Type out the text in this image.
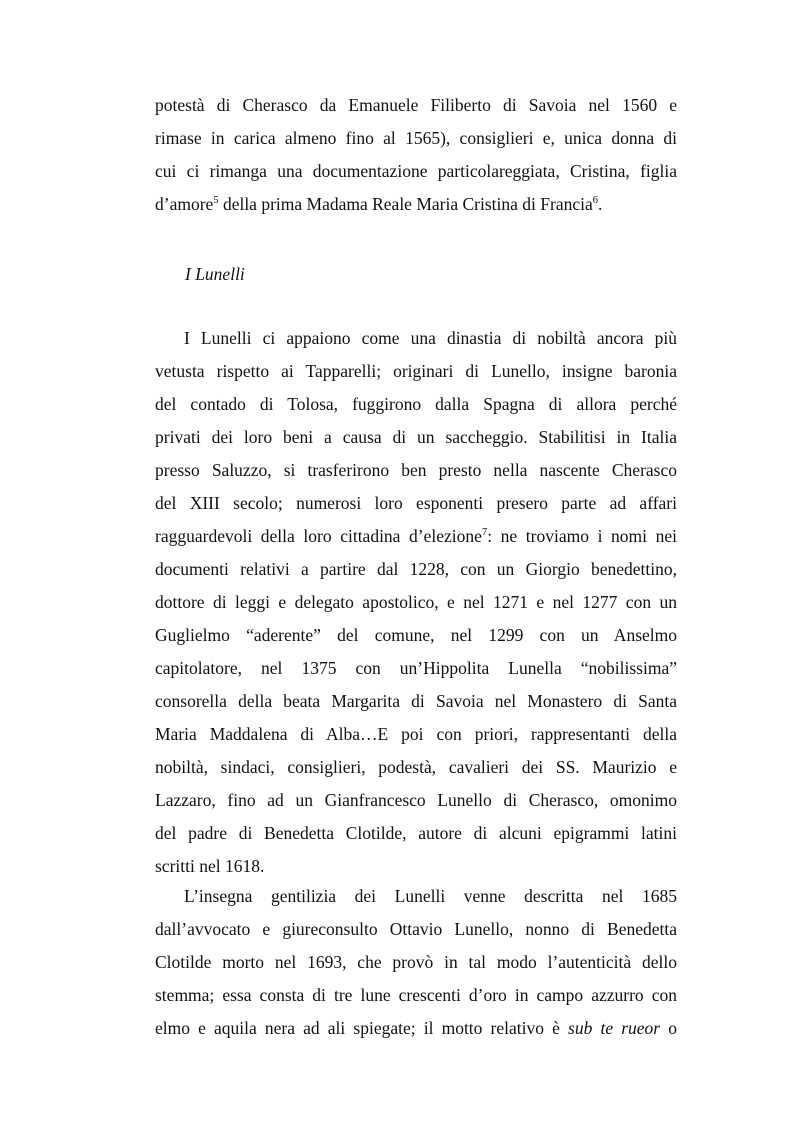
potestà di Cherasco da Emanuele Filiberto di Savoia nel 1560 e
rimase in carica almeno fino al 1565), consiglieri e, unica donna di
cui ci rimanga una documentazione particolareggiata, Cristina, figlia
d’amore$^5$ della prima Madama Reale Maria Cristina di Francia$^6$.
I Lunelli
I Lunelli ci appaiono come una dinastia di nobiltà ancora più
vetusta rispetto ai Tapparelli; originari di Lunello, insigne baronia
del contado di Tolosa, fuggirono dalla Spagna di allora perché
privati dei loro beni a causa di un saccheggio. Stabilitisi in Italia
presso Saluzzo, si trasferirono ben presto nella nascente Cherasco
del XIII secolo; numerosi loro esponenti presero parte ad affari
ragguardevoli della loro cittadina d’elezione$^7$: ne troviamo i nomi nei
documenti relativi a partire dal 1228, con un Giorgio benedettino,
dottore di leggi e delegato apostolico, e nel 1271 e nel 1277 con un
Guglielmo “aderente” del comune, nel 1299 con un Anselmo
capitolatore, nel 1375 con un’Hippolita Lunella “nobilissima”
consorella della beata Margarita di Savoia nel Monastero di Santa
Maria Maddalena di Alba…E poi con priori, rappresentanti della
nobiltà, sindaci, consiglieri, podestà, cavalieri dei SS. Maurizio e
Lazzaro, fino ad un Gianfrancesco Lunello di Cherasco, omonimo
del padre di Benedetta Clotilde, autore di alcuni epigrammi latini
scritti nel 1618.
L’insegna gentilizia dei Lunelli venne descritta nel 1685
dall’avvocato e giureconsulto Ottavio Lunello, nonno di Benedetta
Clotilde morto nel 1693, che provò in tal modo l’autenticità dello
stemma; essa consta di tre lune crescenti d’oro in campo azzurro con
elmo e aquila nera ad ali spiegate; il motto relativo è sub te rueor o
